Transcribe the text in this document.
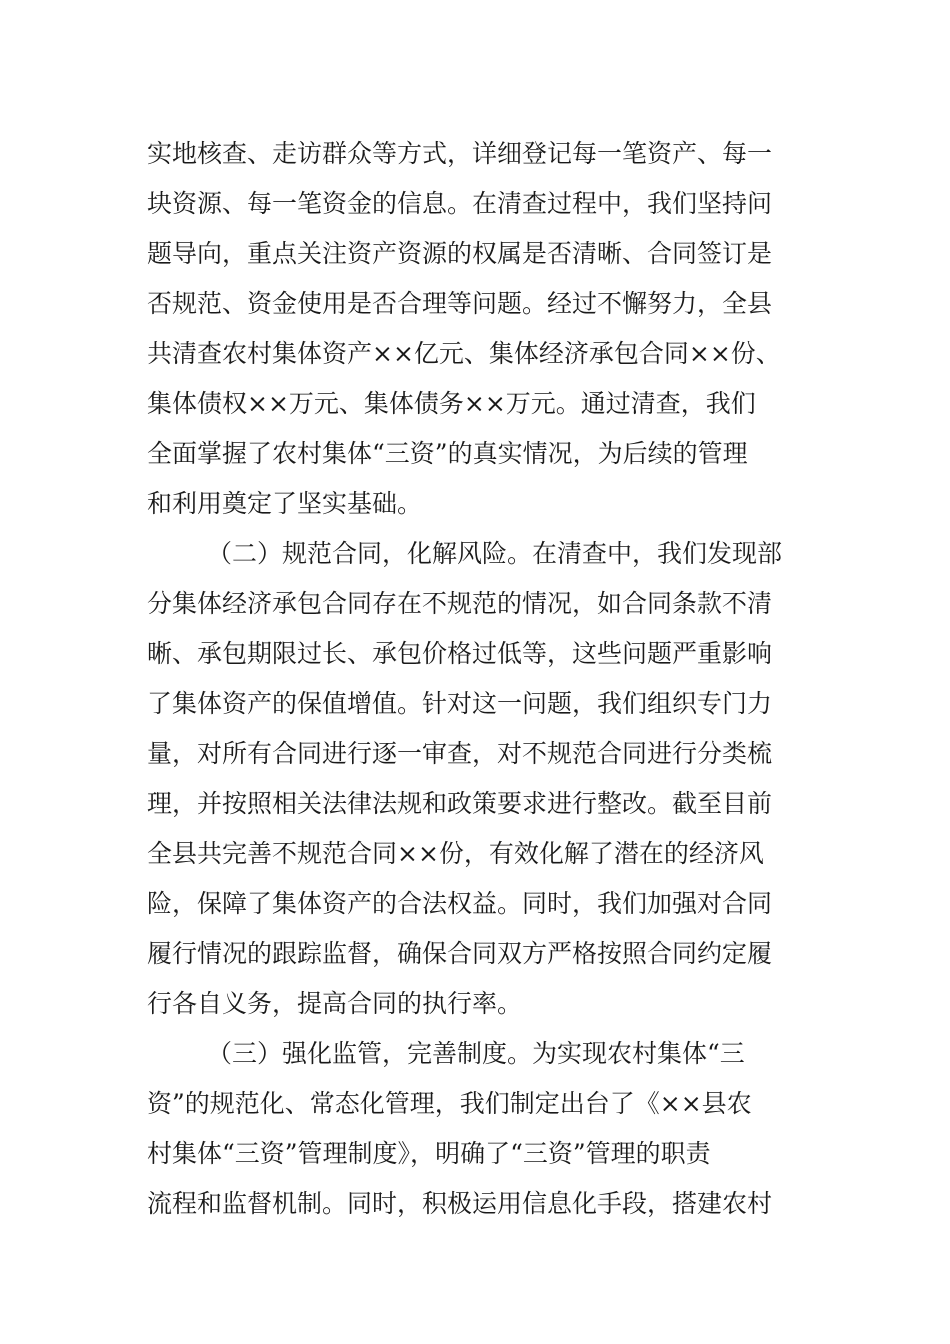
实地核查、走访群众等方式，详细登记每一笔资产、每一
块资源、每一笔资金的信息。在清查过程中，我们坚持问
题导向，重点关注资产资源的权属是否清晰、合同签订是
否规范、资金使用是否合理等问题。经过不懈努力，全县
共清查农村集体资产××亿元、集体经济承包合同××份、
集体债权××万元、集体债务××万元。通过清查，我们
全面掌握了农村集体“三资”的真实情况，为后续的管理
和利用奠定了坚实基础。
（二）规范合同，化解风险。在清查中，我们发现部
分集体经济承包合同存在不规范的情况，如合同条款不清
晰、承包期限过长、承包价格过低等，这些问题严重影响
了集体资产的保值增值。针对这一问题，我们组织专门力
量，对所有合同进行逐一审查，对不规范合同进行分类梳
理，并按照相关法律法规和政策要求进行整改。截至目前
全县共完善不规范合同××份，有效化解了潜在的经济风
险，保障了集体资产的合法权益。同时，我们加强对合同
履行情况的跟踪监督，确保合同双方严格按照合同约定履
行各自义务，提高合同的执行率。
（三）强化监管，完善制度。为实现农村集体“三
资”的规范化、常态化管理，我们制定出台了《××县农
村集体“三资”管理制度》，明确了“三资”管理的职责
流程和监督机制。同时，积极运用信息化手段，搭建农村
